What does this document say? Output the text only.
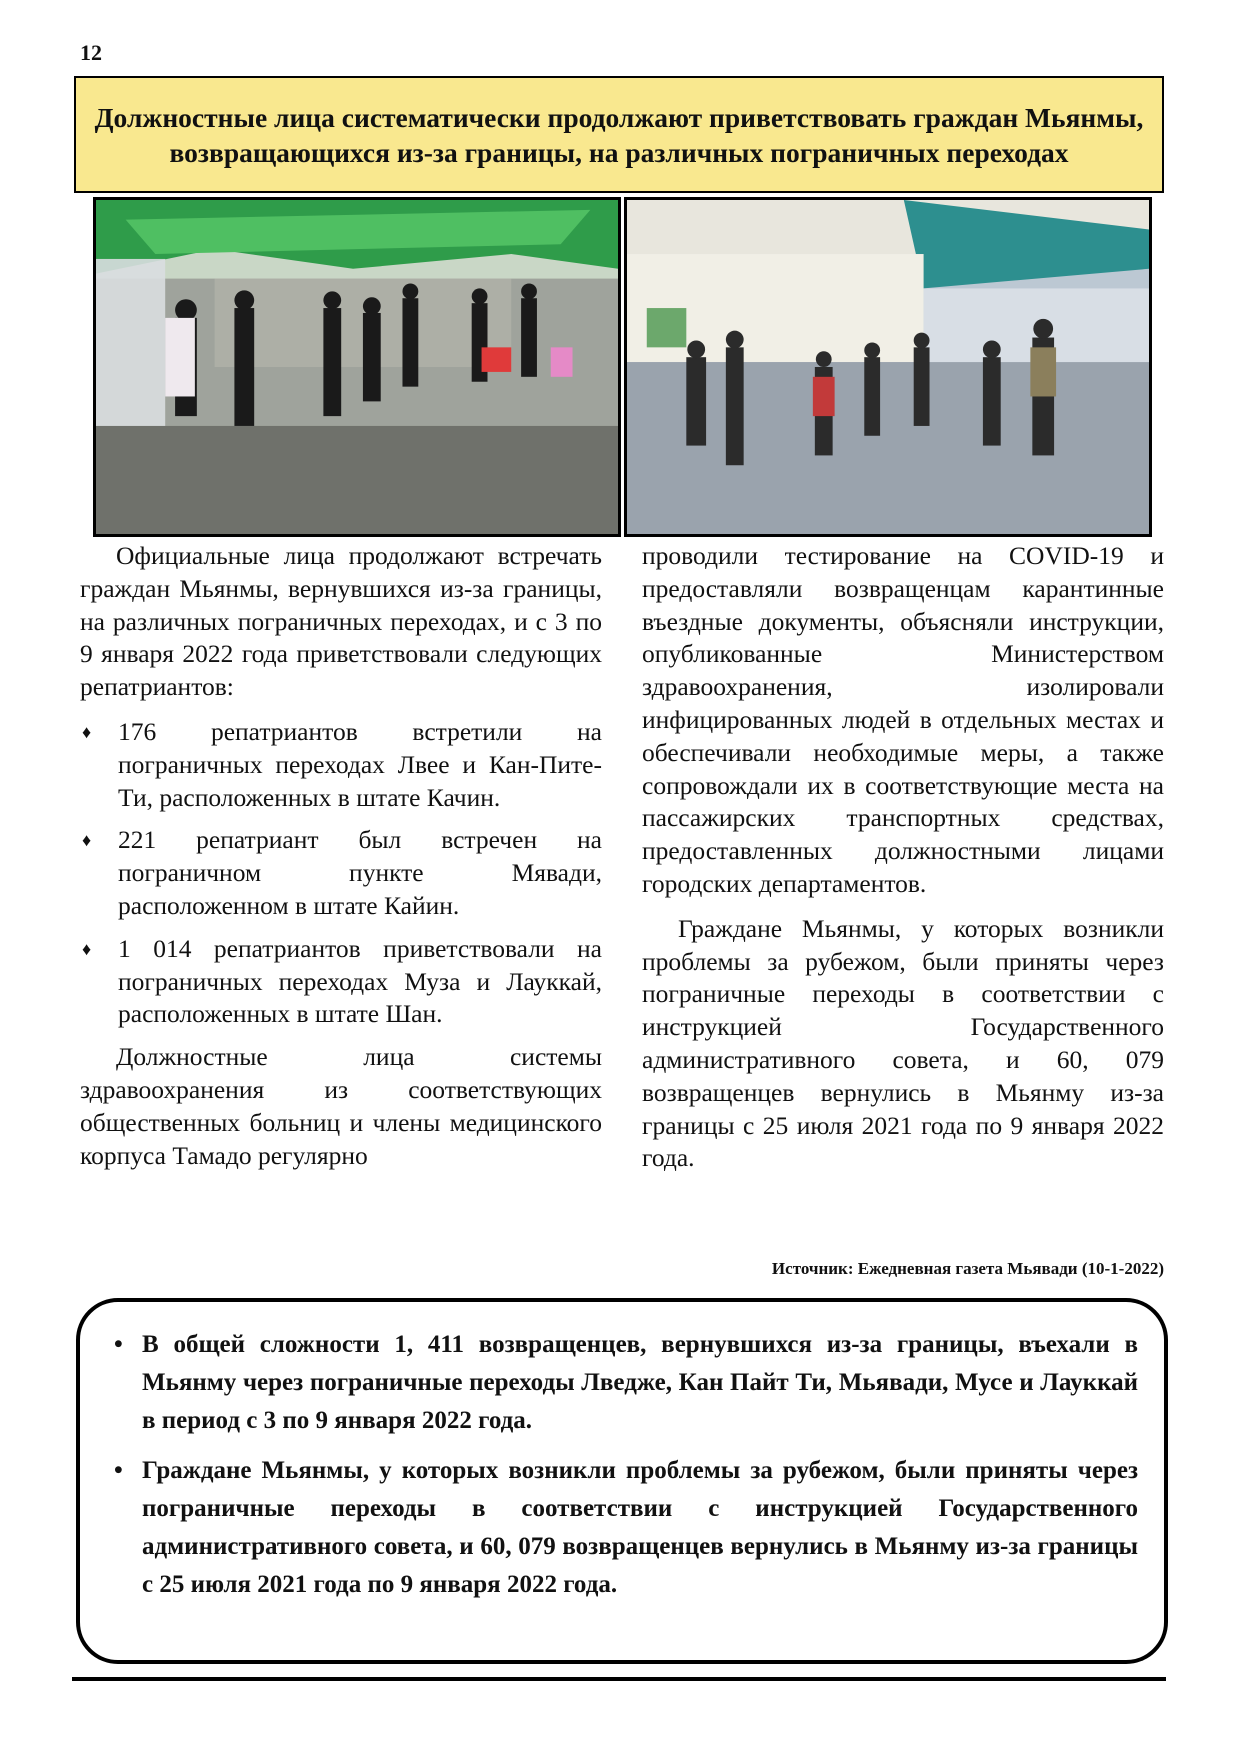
12
Должностные лица систематически продолжают приветствовать граждан Мьянмы, возвращающихся из-за границы, на различных пограничных переходах

Официальные лица продолжают встречать граждан Мьянмы, вернувшихся из-за границы, на различных пограничных переходах, и с 3 по 9 января 2022 года приветствовали следующих репатриантов:

♦ 176 репатриантов встретили на пограничных переходах Лвее и Кан-Пите-Ти, расположенных в штате Качин.
♦ 221 репатриант был встречен на пограничном пункте Мявади, расположенном в штате Кайин.
♦ 1 014 репатриантов приветствовали на пограничных переходах Муза и Лауккай, расположенных в штате Шан.

Должностные лица системы здравоохранения из соответствующих общественных больниц и члены медицинского корпуса Тамадо регулярно

проводили тестирование на COVID-19 и предоставляли возвращенцам карантинные въездные документы, объясняли инструкции, опубликованные Министерством здравоохранения, изолировали инфицированных людей в отдельных местах и обеспечивали необходимые меры, а также сопровождали их в соответствующие места на пассажирских транспортных средствах, предоставленных должностными лицами городских департаментов.

Граждане Мьянмы, у которых возникли проблемы за рубежом, были приняты через пограничные переходы в соответствии с инструкцией Государственного административного совета, и 60, 079 возвращенцев вернулись в Мьянму из-за границы с 25 июля 2021 года по 9 января 2022 года.

Источник: Ежедневная газета Мьявади (10-1-2022)
• В общей сложности 1, 411 возвращенцев, вернувшихся из-за границы, въехали в Мьянму через пограничные переходы Лведже, Кан Пайт Ти, Мьявади, Мусе и Лауккай в период с 3 по 9 января 2022 года.
• Граждане Мьянмы, у которых возникли проблемы за рубежом, были приняты через пограничные переходы в соответствии с инструкцией Государственного административного совета, и 60, 079 возвращенцев вернулись в Мьянму из-за границы с 25 июля 2021 года по 9 января 2022 года.
